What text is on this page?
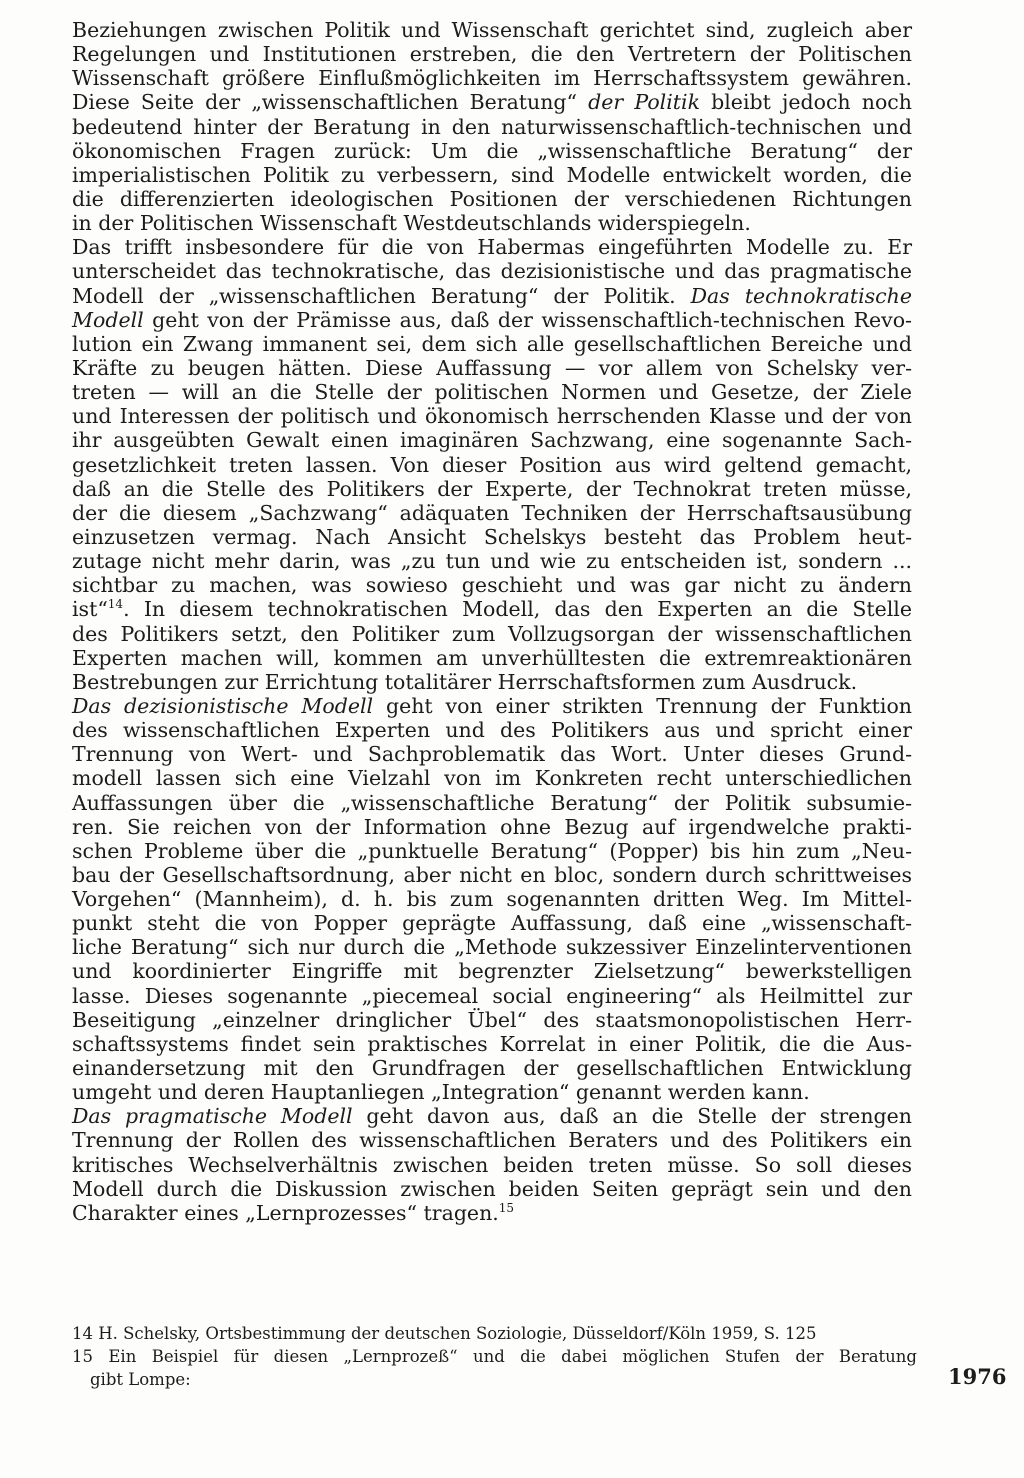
Beziehungen zwischen Politik und Wissenschaft gerichtet sind, zugleich aber
Regelungen und Institutionen erstreben, die den Vertretern der Politischen
Wissenschaft größere Einflußmöglichkeiten im Herrschaftssystem gewähren.
Diese Seite der „wissenschaftlichen Beratung“ der Politik bleibt jedoch noch
bedeutend hinter der Beratung in den naturwissenschaftlich-technischen und
ökonomischen Fragen zurück: Um die „wissenschaftliche Beratung“ der
imperialistischen Politik zu verbessern, sind Modelle entwickelt worden, die
die differenzierten ideologischen Positionen der verschiedenen Richtungen
in der Politischen Wissenschaft Westdeutschlands widerspiegeln.
Das trifft insbesondere für die von Habermas eingeführten Modelle zu. Er
unterscheidet das technokratische, das dezisionistische und das pragmatische
Modell der „wissenschaftlichen Beratung“ der Politik. Das technokratische
Modell geht von der Prämisse aus, daß der wissenschaftlich-technischen Revo-
lution ein Zwang immanent sei, dem sich alle gesellschaftlichen Bereiche und
Kräfte zu beugen hätten. Diese Auffassung — vor allem von Schelsky ver-
treten — will an die Stelle der politischen Normen und Gesetze, der Ziele
und Interessen der politisch und ökonomisch herrschenden Klasse und der von
ihr ausgeübten Gewalt einen imaginären Sachzwang, eine sogenannte Sach-
gesetzlichkeit treten lassen. Von dieser Position aus wird geltend gemacht,
daß an die Stelle des Politikers der Experte, der Technokrat treten müsse,
der die diesem „Sachzwang“ adäquaten Techniken der Herrschaftsausübung
einzusetzen vermag. Nach Ansicht Schelskys besteht das Problem heut-
zutage nicht mehr darin, was „zu tun und wie zu entscheiden ist, sondern ...
sichtbar zu machen, was sowieso geschieht und was gar nicht zu ändern
ist“$^{14}$. In diesem technokratischen Modell, das den Experten an die Stelle
des Politikers setzt, den Politiker zum Vollzugsorgan der wissenschaftlichen
Experten machen will, kommen am unverhülltesten die extremreaktionären
Bestrebungen zur Errichtung totalitärer Herrschaftsformen zum Ausdruck.
Das dezisionistische Modell geht von einer strikten Trennung der Funktion
des wissenschaftlichen Experten und des Politikers aus und spricht einer
Trennung von Wert- und Sachproblematik das Wort. Unter dieses Grund-
modell lassen sich eine Vielzahl von im Konkreten recht unterschiedlichen
Auffassungen über die „wissenschaftliche Beratung“ der Politik subsumie-
ren. Sie reichen von der Information ohne Bezug auf irgendwelche prakti-
schen Probleme über die „punktuelle Beratung“ (Popper) bis hin zum „Neu-
bau der Gesellschaftsordnung, aber nicht en bloc, sondern durch schrittweises
Vorgehen“ (Mannheim), d. h. bis zum sogenannten dritten Weg. Im Mittel-
punkt steht die von Popper geprägte Auffassung, daß eine „wissenschaft-
liche Beratung“ sich nur durch die „Methode sukzessiver Einzelinterventionen
und koordinierter Eingriffe mit begrenzter Zielsetzung“ bewerkstelligen
lasse. Dieses sogenannte „piecemeal social engineering“ als Heilmittel zur
Beseitigung „einzelner dringlicher Übel“ des staatsmonopolistischen Herr-
schaftssystems findet sein praktisches Korrelat in einer Politik, die die Aus-
einandersetzung mit den Grundfragen der gesellschaftlichen Entwicklung
umgeht und deren Hauptanliegen „Integration“ genannt werden kann.
Das pragmatische Modell geht davon aus, daß an die Stelle der strengen
Trennung der Rollen des wissenschaftlichen Beraters und des Politikers ein
kritisches Wechselverhältnis zwischen beiden treten müsse. So soll dieses
Modell durch die Diskussion zwischen beiden Seiten geprägt sein und den
Charakter eines „Lernprozesses“ tragen.$^{15}$
14 H. Schelsky, Ortsbestimmung der deutschen Soziologie, Düsseldorf/Köln 1959, S. 125
15 Ein Beispiel für diesen „Lernprozeß“ und die dabei möglichen Stufen der Beratung
gibt Lompe:	1976
